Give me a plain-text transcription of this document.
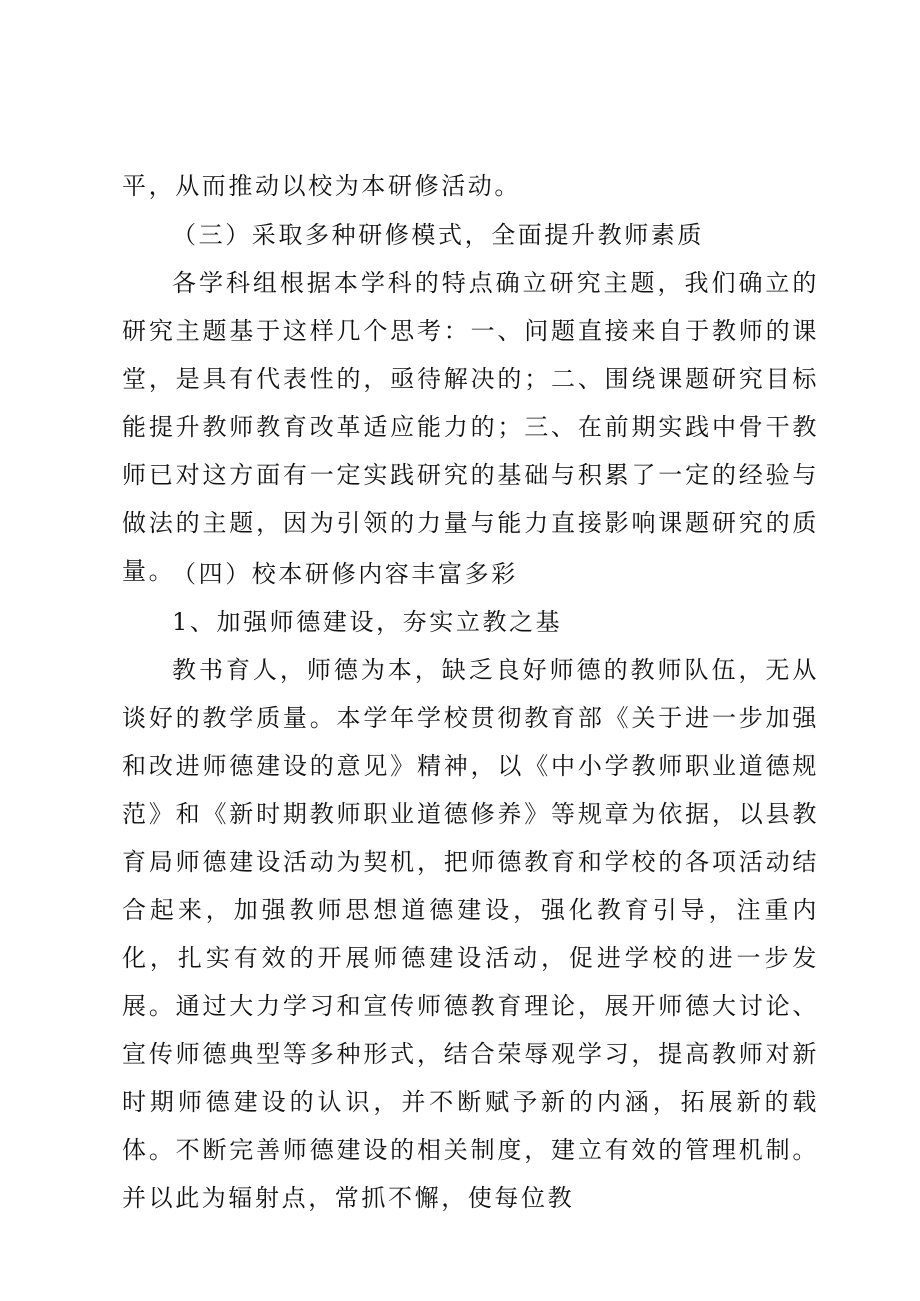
平，从而推动以校为本研修活动。
（三）采取多种研修模式，全面提升教师素质
各学科组根据本学科的特点确立研究主题，我们确立的研究主题基于这样几个思考：一、问题直接来自于教师的课堂，是具有代表性的，亟待解决的；二、围绕课题研究目标能提升教师教育改革适应能力的；三、在前期实践中骨干教师已对这方面有一定实践研究的基础与积累了一定的经验与做法的主题，因为引领的力量与能力直接影响课题研究的质量。
（四）校本研修内容丰富多彩
1、加强师德建设，夯实立教之基
教书育人，师德为本，缺乏良好师德的教师队伍，无从谈好的教学质量。本学年学校贯彻教育部《关于进一步加强和改进师德建设的意见》精神，以《中小学教师职业道德规范》和《新时期教师职业道德修养》等规章为依据，以县教育局师德建设活动为契机，把师德教育和学校的各项活动结合起来，加强教师思想道德建设，强化教育引导，注重内化，扎实有效的开展师德建设活动，促进学校的进一步发展。通过大力学习和宣传师德教育理论，展开师德大讨论、宣传师德典型等多种形式，结合荣辱观学习，提高教师对新时期师德建设的认识，并不断赋予新的内涵，拓展新的载体。不断完善师德建设的相关制度，建立有效的管理机制。并以此为辐射点，常抓不懈，使每位教
